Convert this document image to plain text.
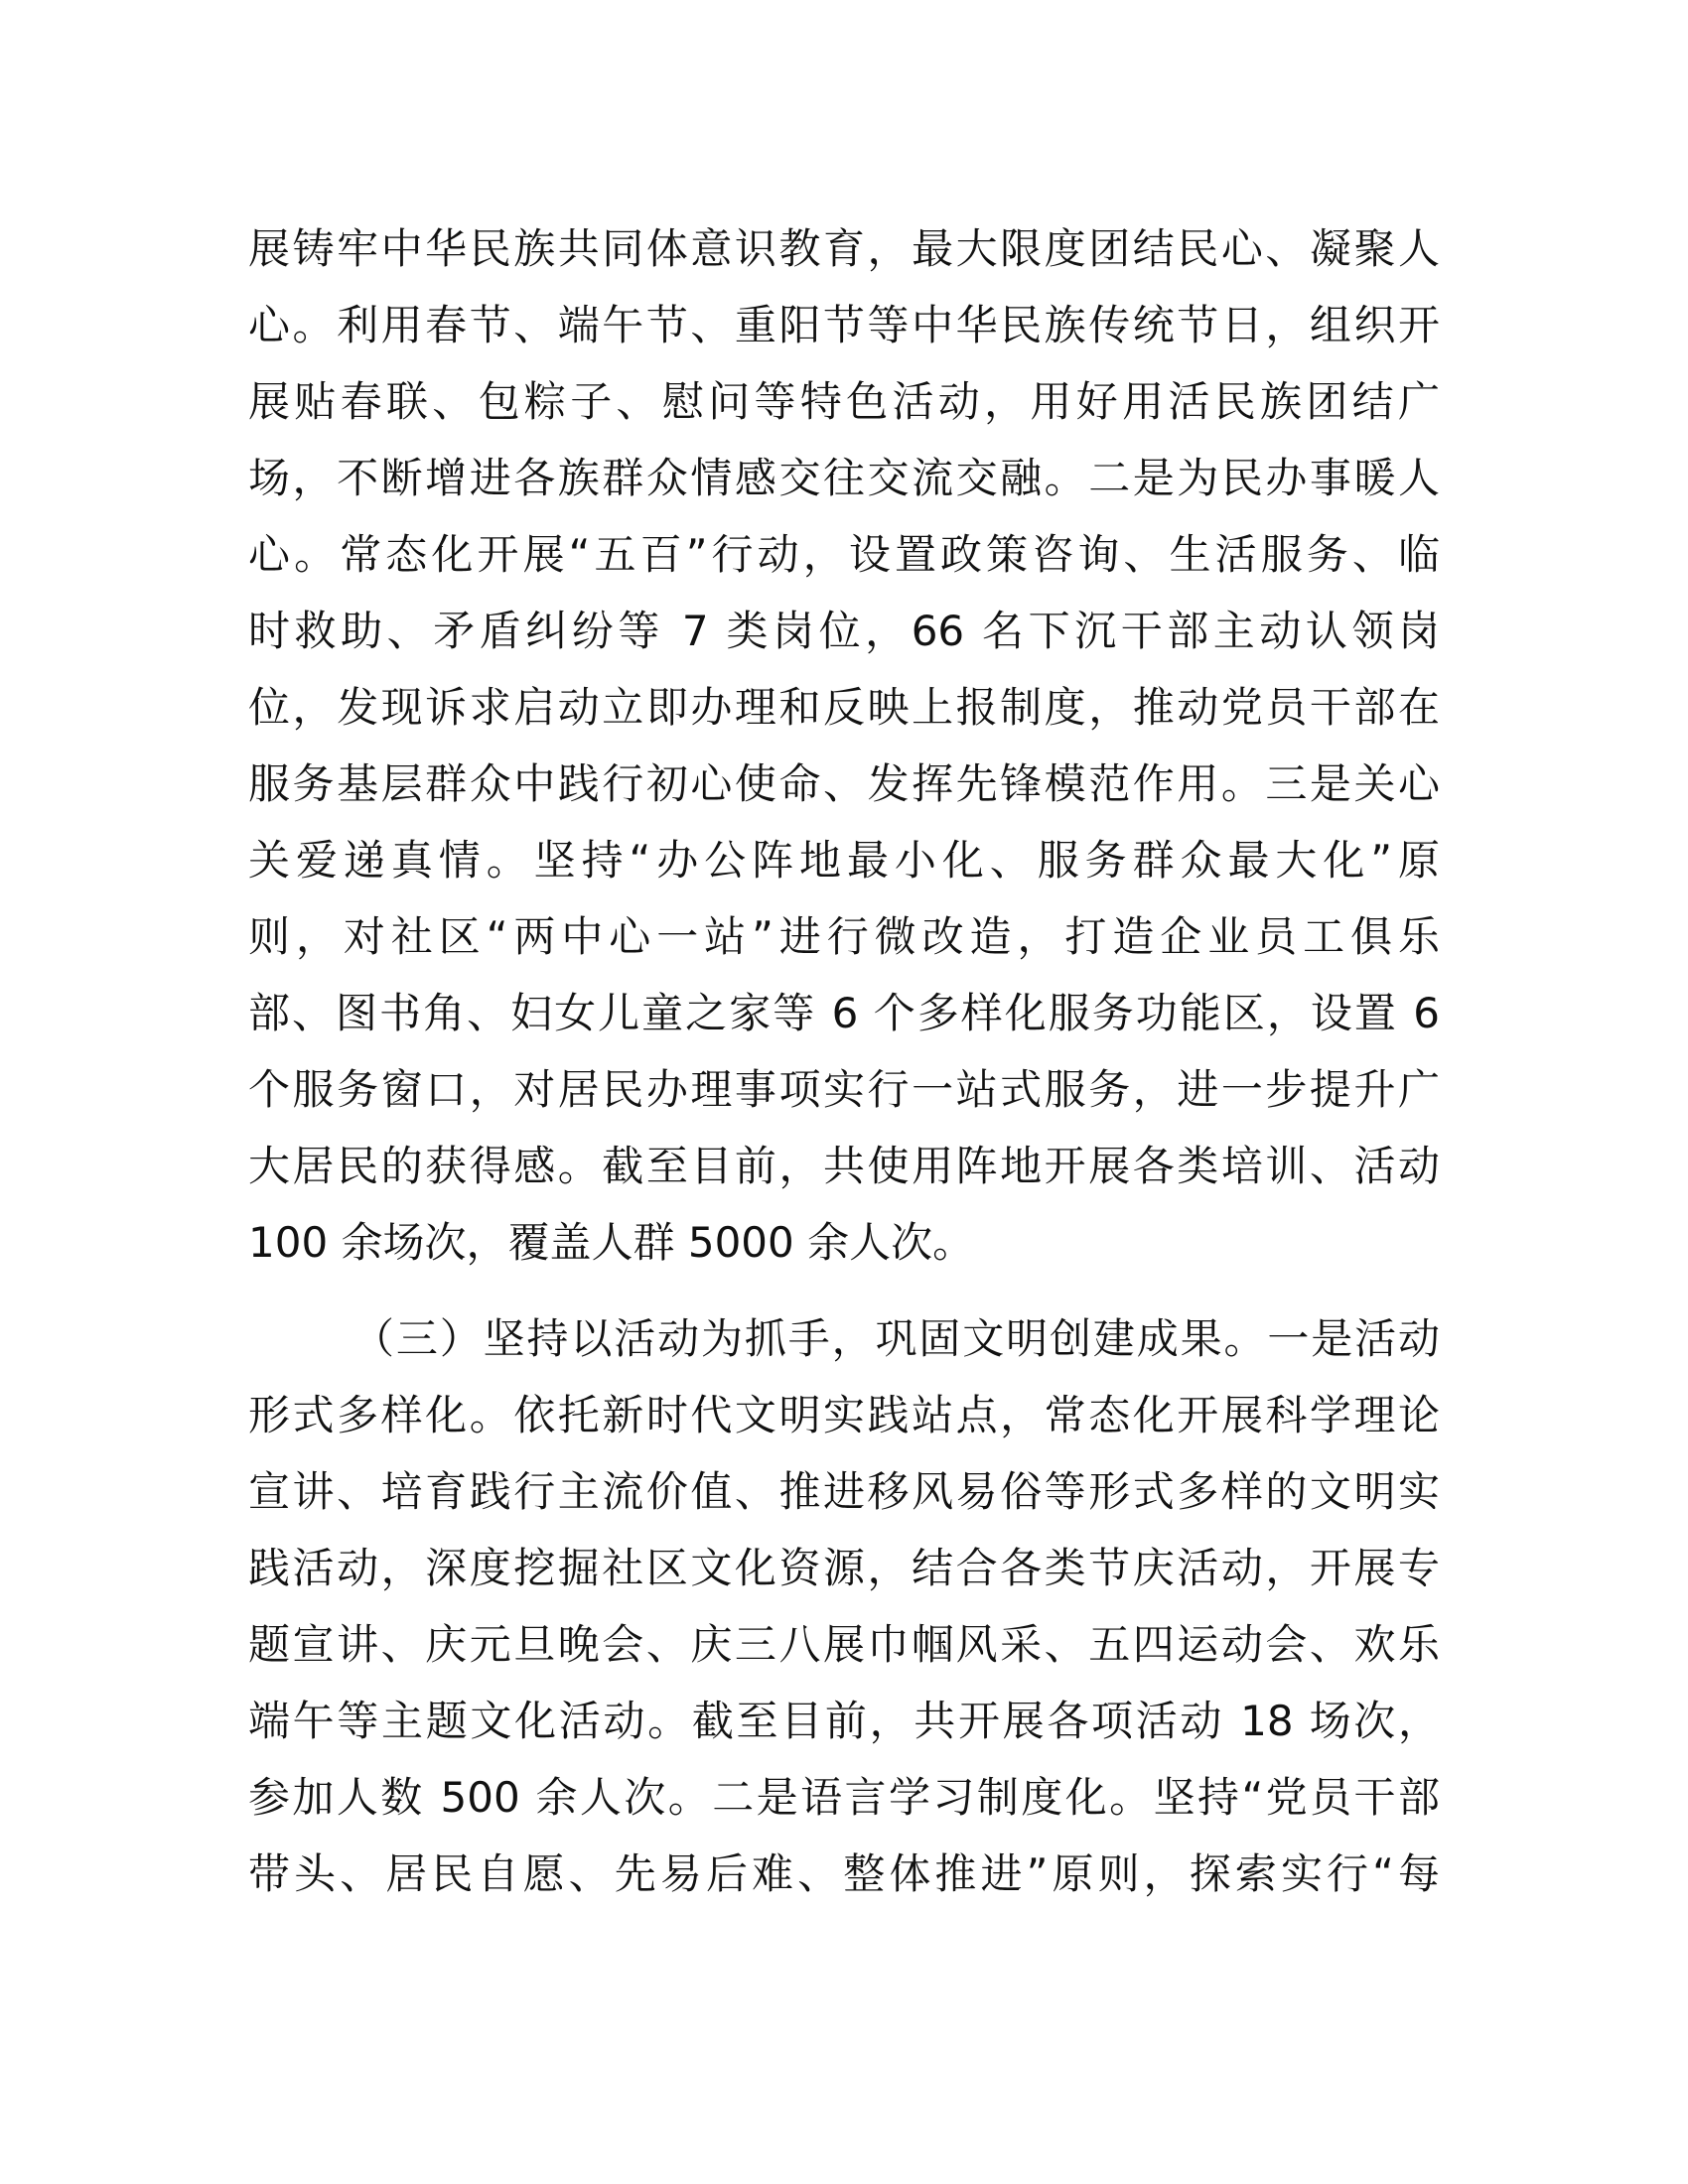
展铸牢中华民族共同体意识教育，最大限度团结民心、凝聚人
心。利用春节、端午节、重阳节等中华民族传统节日，组织开
展贴春联、包粽子、慰问等特色活动，用好用活民族团结广
场，不断增进各族群众情感交往交流交融。二是为民办事暖人
心。常态化开展“五百”行动，设置政策咨询、生活服务、临
时救助、矛盾纠纷等 7 类岗位，66 名下沉干部主动认领岗
位，发现诉求启动立即办理和反映上报制度，推动党员干部在
服务基层群众中践行初心使命、发挥先锋模范作用。三是关心
关爱递真情。坚持“办公阵地最小化、服务群众最大化”原
则，对社区“两中心一站”进行微改造，打造企业员工俱乐
部、图书角、妇女儿童之家等 6 个多样化服务功能区，设置 6
个服务窗口，对居民办理事项实行一站式服务，进一步提升广
大居民的获得感。截至目前，共使用阵地开展各类培训、活动
100 余场次，覆盖人群 5000 余人次。
（三）坚持以活动为抓手，巩固文明创建成果。一是活动
形式多样化。依托新时代文明实践站点，常态化开展科学理论
宣讲、培育践行主流价值、推进移风易俗等形式多样的文明实
践活动，深度挖掘社区文化资源，结合各类节庆活动，开展专
题宣讲、庆元旦晚会、庆三八展巾帼风采、五四运动会、欢乐
端午等主题文化活动。截至目前，共开展各项活动 18 场次，
参加人数 500 余人次。二是语言学习制度化。坚持“党员干部
带头、居民自愿、先易后难、整体推进”原则，探索实行“每
